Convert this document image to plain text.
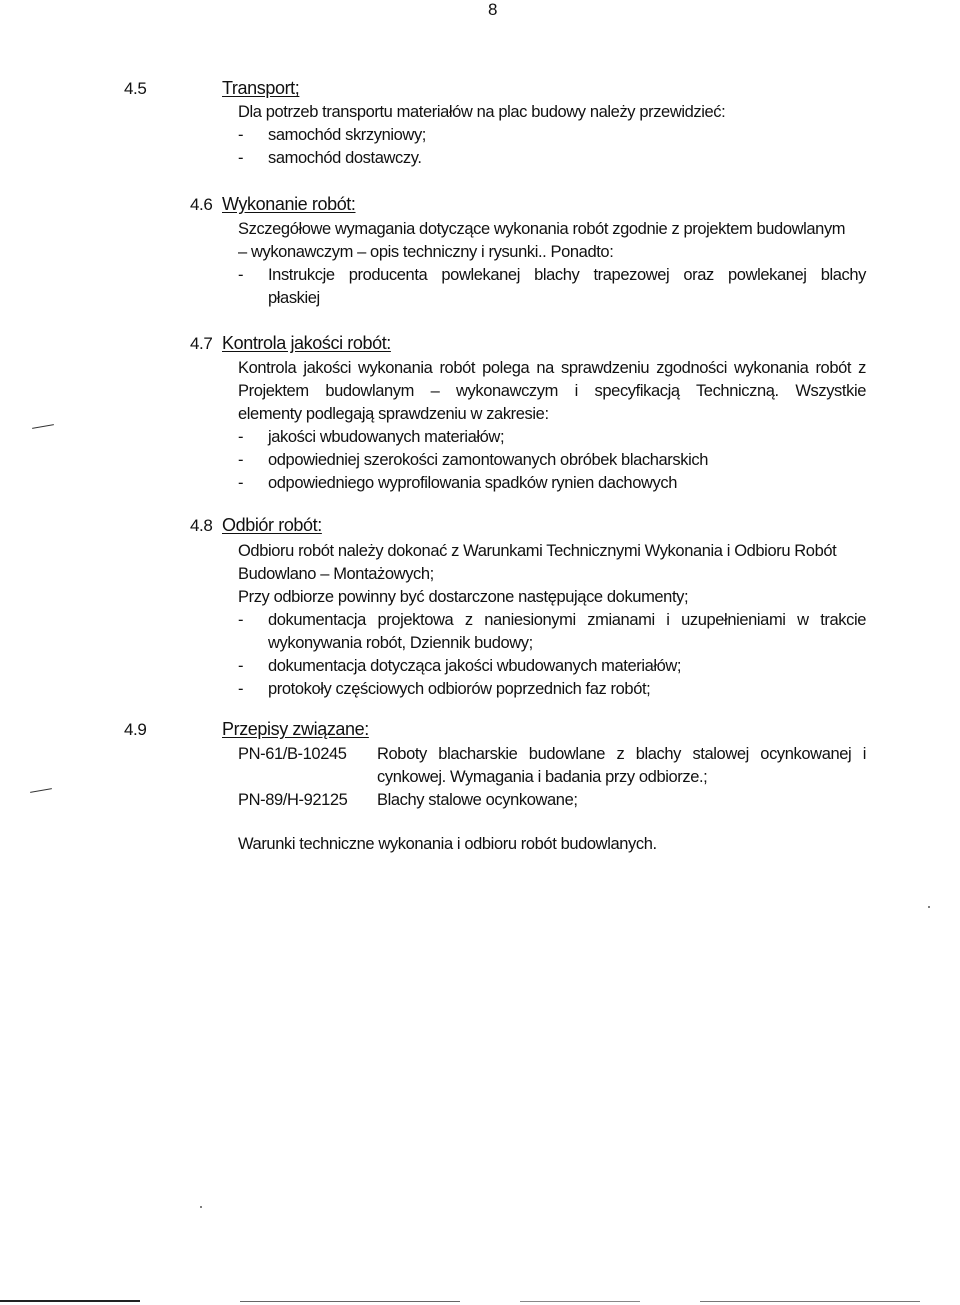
8
4.5	Transport;
Dla potrzeb transportu materiałów na plac budowy należy przewidzieć:
- samochód skrzyniowy;
- samochód dostawczy.
4.6 Wykonanie robót:
Szczegółowe wymagania dotyczące wykonania robót zgodnie z projektem budowlanym
– wykonawczym – opis techniczny i rysunki.. Ponadto:
- Instrukcje producenta powlekanej blachy trapezowej oraz powlekanej blachy
płaskiej
4.7 Kontrola jakości robót:
Kontrola jakości wykonania robót polega na sprawdzeniu zgodności wykonania robót z
Projektem budowlanym – wykonawczym i specyfikacją Techniczną. Wszystkie
elementy podlegają sprawdzeniu w zakresie:
- jakości wbudowanych materiałów;
- odpowiedniej szerokości zamontowanych obróbek blacharskich
- odpowiedniego wyprofilowania spadków rynien dachowych
4.8 Odbiór robót:
Odbioru robót należy dokonać z Warunkami Technicznymi Wykonania i Odbioru Robót
Budowlano – Montażowych;
Przy odbiorze powinny być dostarczone następujące dokumenty;
- dokumentacja projektowa z naniesionymi zmianami i uzupełnieniami w trakcie
wykonywania robót, Dziennik budowy;
- dokumentacja dotycząca jakości wbudowanych materiałów;
- protokoły częściowych odbiorów poprzednich faz robót;
4.9	Przepisy związane:
PN-61/B-10245 Roboty blacharskie budowlane z blachy stalowej ocynkowanej i
cynkowej. Wymagania i badania przy odbiorze.;
PN-89/H-92125 Blachy stalowe ocynkowane;
Warunki techniczne wykonania i odbioru robót budowlanych.
